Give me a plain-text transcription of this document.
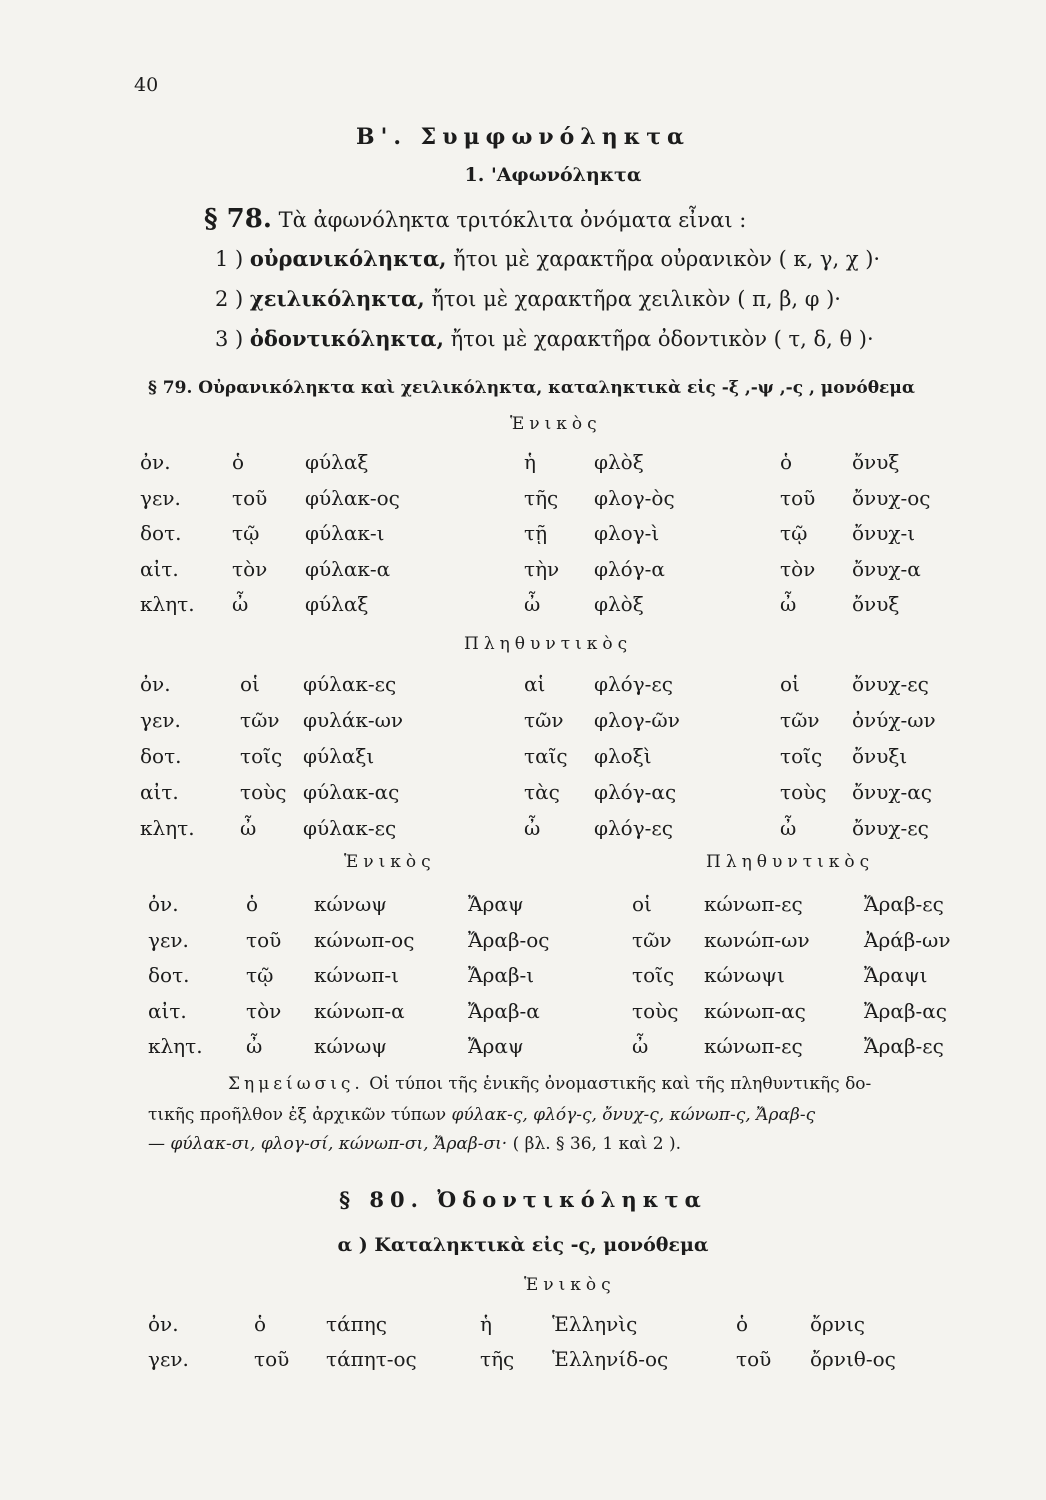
40
Β'. Συμφωνόληκτα
1. 'Αφωνόληκτα
§ 78. Τὰ ἀφωνόληκτα τριτόκλιτα ὀνόματα εἶναι :
1 ) οὐρανικόληκτα, ἤτοι μὲ χαρακτῆρα οὐρανικὸν ( κ, γ, χ )·
2 ) χειλικόληκτα, ἤτοι μὲ χαρακτῆρα χειλικὸν ( π, β, φ )·
3 ) ὀδοντικόληκτα, ἤτοι μὲ χαρακτῆρα ὀδοντικὸν ( τ, δ, θ )·
§ 79. Οὐρανικόληκτα καὶ χειλικόληκτα, καταληκτικὰ εἰς -ξ ,-ψ ,-ς , μονόθεμα
Ἑνικὸς
ὀν.	ὁ	φύλαξ	ἡ	φλὸξ	ὁ	ὄνυξ
γεν.	τοῦ φύλακ-ος	τῆς φλογ-ὸς	τοῦ ὄνυχ-ος
δοτ.	τῷ φύλακ-ι	τῇ φλογ-ὶ	τῷ ὄνυχ-ι
αἰτ.	τὸν φύλακ-α	τὴν φλόγ-α	τὸν ὄνυχ-α
κλητ. ὦ	φύλαξ	ὦ	φλὸξ	ὦ	ὄνυξ
Πληθυντικὸς
ὀν.	οἱ φύλακ-ες	αἱ φλόγ-ες	οἱ	ὄνυχ-ες
γεν.	τῶν φυλάκ-ων	τῶν φλογ-ῶν	τῶν ὀνύχ-ων
δοτ.	τοῖς φύλαξι	ταῖς φλοξὶ	τοῖς ὄνυξι
αἰτ.	τοὺς φύλακ-ας	τὰς φλόγ-ας	τοὺς ὄνυχ-ας
κλητ. ὦ φύλακ-ες	ὦ	φλόγ-ες	ὦ	ὄνυχ-ες
Ἑνικὸς	Πληθυντικὸς
ὀν.	ὁ	κώνωψ	Ἄραψ	οἱ	κώνωπ-ες	Ἄραβ-ες
γεν.	τοῦ κώνωπ-ος	Ἄραβ-ος	τῶν κωνώπ-ων	Ἀράβ-ων
δοτ.	τῷ κώνωπ-ι	Ἄραβ-ι	τοῖς κώνωψι	Ἄραψι
αἰτ.	τὸν κώνωπ-α	Ἄραβ-α	τοὺς κώνωπ-ας	Ἄραβ-ας
κλητ. ὦ	κώνωψ	Ἄραψ	ὦ	κώνωπ-ες	Ἄραβ-ες
Σημείωσις. Οἱ τύποι τῆς ἑνικῆς ὀνομαστικῆς καὶ τῆς πληθυντικῆς δο-
τικῆς προῆλθον ἐξ ἀρχικῶν τύπων φύλακ-ς, φλόγ-ς, ὄνυχ-ς, κώνωπ-ς, Ἄραβ-ς
— φύλακ-σι, φλογ-σί, κώνωπ-σι, Ἄραβ-σι· ( βλ. § 36, 1 καὶ 2 ).
§ 80. Ὀδοντικόληκτα
α ) Καταληκτικὰ εἰς -ς, μονόθεμα
Ἑνικὸς
ὀν.	ὁ	τάπης	ἡ	Ἑλληνὶς	ὁ	ὄρνις
γεν.	τοῦ τάπητ-ος	τῆς Ἑλληνίδ-ος	τοῦ ὄρνιθ-ος
